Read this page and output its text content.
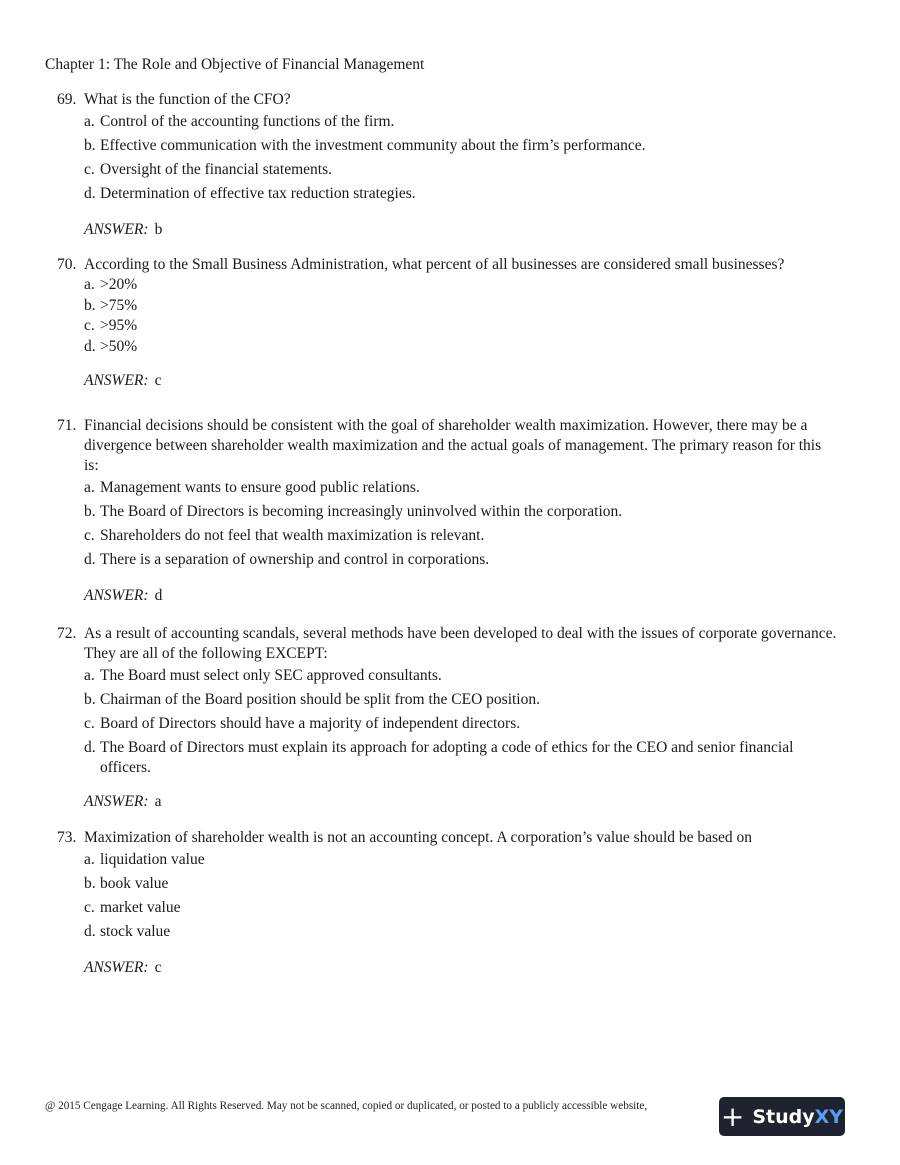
Chapter 1: The Role and Objective of Financial Management
69. What is the function of the CFO?
a. Control of the accounting functions of the firm.
b. Effective communication with the investment community about the firm’s performance.
c. Oversight of the financial statements.
d. Determination of effective tax reduction strategies.
ANSWER: b
70. According to the Small Business Administration, what percent of all businesses are considered small businesses?
a. >20%
b. >75%
c. >95%
d. >50%
ANSWER: c
71. Financial decisions should be consistent with the goal of shareholder wealth maximization. However, there may be a divergence between shareholder wealth maximization and the actual goals of management. The primary reason for this is:
a. Management wants to ensure good public relations.
b. The Board of Directors is becoming increasingly uninvolved within the corporation.
c. Shareholders do not feel that wealth maximization is relevant.
d. There is a separation of ownership and control in corporations.
ANSWER: d
72. As a result of accounting scandals, several methods have been developed to deal with the issues of corporate governance. They are all of the following EXCEPT:
a. The Board must select only SEC approved consultants.
b. Chairman of the Board position should be split from the CEO position.
c. Board of Directors should have a majority of independent directors.
d. The Board of Directors must explain its approach for adopting a code of ethics for the CEO and senior financial officers.
ANSWER: a
73. Maximization of shareholder wealth is not an accounting concept. A corporation’s value should be based on
a. liquidation value
b. book value
c. market value
d. stock value
ANSWER: c
@ 2015 Cengage Learning. All Rights Reserved. May not be scanned, copied or duplicated, or posted to a publicly accessible website,	+ Study XY
